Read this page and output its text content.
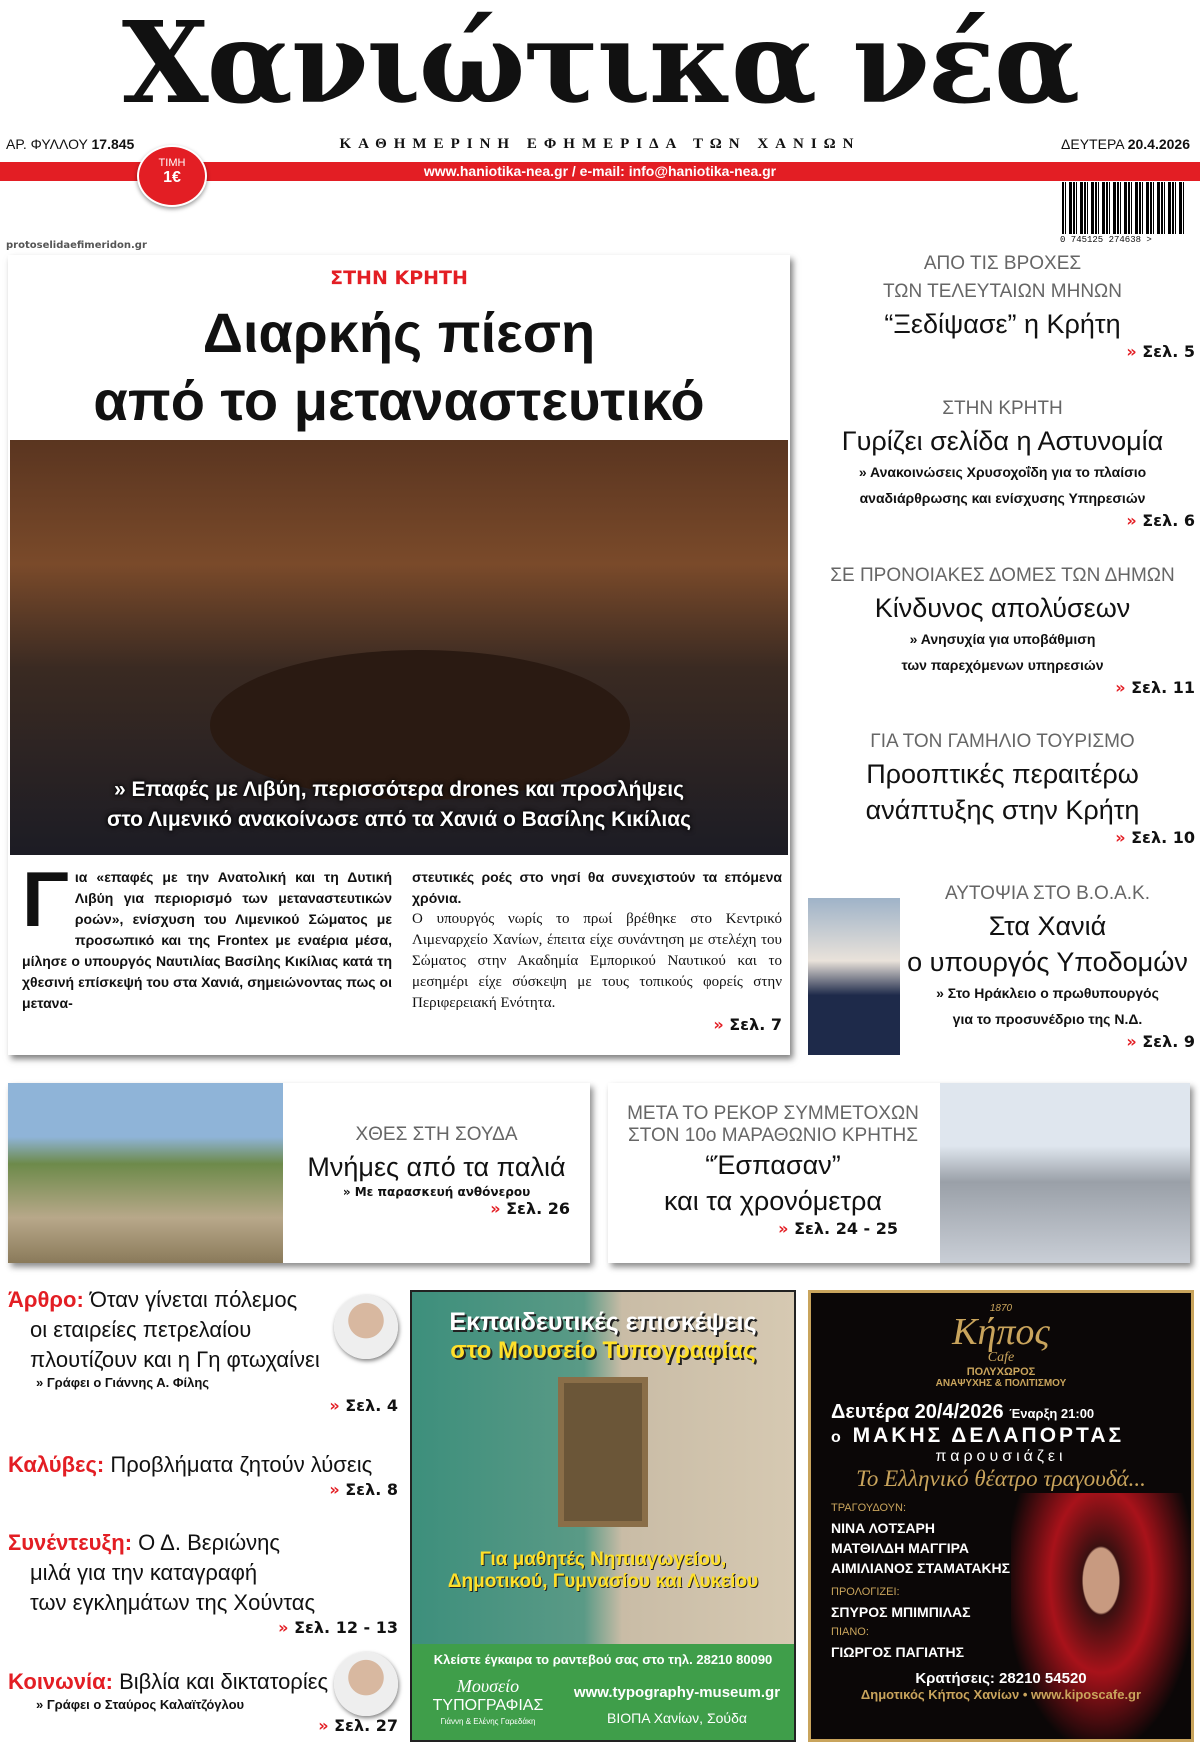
Χανιώτικα νέα
ΑΡ. ΦΥΛΛΟΥ 17.845	ΚΑΘΗΜΕΡΙΝΗ ΕΦΗΜΕΡΙΔΑ ΤΩΝ ΧΑΝΙΩΝ	ΔΕΥΤΕΡΑ 20.4.2026
www.haniotika-nea.gr / e-mail: info@haniotika-nea.gr
ΤΙΜΗ
1€
0 745125 274638 >
protoselidaefimeridon.gr
ΣΤΗΝ ΚΡΗΤΗ
Διαρκής πίεση
από το μεταναστευτικό
» Επαφές με Λιβύη, περισσότερα drones και προσλήψεις
στο Λιμενικό ανακοίνωσε από τα Χανιά ο Βασίλης Κικίλιας
Για «επαφές με την Ανατολική και τη Δυτική Λιβύη για περιορισμό των μεταναστευτικών ροών», ενίσχυση του Λιμενικού Σώματος με προσωπικό και της Frontex με εναέρια μέσα, μίλησε ο υπουργός Ναυτιλίας Βασίλης Κικίλιας κατά τη χθεσινή επίσκεψή του στα Χανιά, σημειώνοντας πως οι μετανα-
στευτικές ροές στο νησί θα συνεχιστούν τα επόμενα χρόνια.
Ο υπουργός νωρίς το πρωί βρέθηκε στο Κεντρικό Λιμεναρχείο Χανίων, έπειτα είχε συνάντηση με στελέχη του Σώματος στην Ακαδημία Εμπορικού Ναυτικού και το μεσημέρι είχε σύσκεψη με τους τοπικούς φορείς στην Περιφερειακή Ενότητα.
» Σελ. 7
ΑΠΟ ΤΙΣ ΒΡΟΧΕΣ
ΤΩΝ ΤΕΛΕΥΤΑΙΩΝ ΜΗΝΩΝ
“Ξεδίψασε” η Κρήτη
» Σελ. 5
ΣΤΗΝ ΚΡΗΤΗ
Γυρίζει σελίδα η Αστυνομία
» Ανακοινώσεις Χρυσοχοΐδη για το πλαίσιο
αναδιάρθρωσης και ενίσχυσης Υπηρεσιών
» Σελ. 6
ΣΕ ΠΡΟΝΟΙΑΚΕΣ ΔΟΜΕΣ ΤΩΝ ΔΗΜΩΝ
Κίνδυνος απολύσεων
» Ανησυχία για υποβάθμιση
των παρεχόμενων υπηρεσιών
» Σελ. 11
ΓΙΑ ΤΟΝ ΓΑΜΗΛΙΟ ΤΟΥΡΙΣΜΟ
Προοπτικές περαιτέρω
ανάπτυξης στην Κρήτη
» Σελ. 10
ΑΥΤΟΨΙΑ ΣΤΟ Β.Ο.Α.Κ.
Στα Χανιά
ο υπουργός Υποδομών
» Στο Ηράκλειο ο πρωθυπουργός
για το προσυνέδριο της Ν.Δ.
» Σελ. 9
ΧΘΕΣ ΣΤΗ ΣΟΥΔΑ
Μνήμες από τα παλιά
» Με παρασκευή ανθόνερου
» Σελ. 26
ΜΕΤΑ ΤΟ ΡΕΚΟΡ ΣΥΜΜΕΤΟΧΩΝ
ΣΤΟΝ 10ο ΜΑΡΑΘΩΝΙΟ ΚΡΗΤΗΣ
“Έσπασαν”
και τα χρονόμετρα
» Σελ. 24 - 25
Άρθρο: Όταν γίνεται πόλεμος
οι εταιρείες πετρελαίου
πλουτίζουν και η Γη φτωχαίνει
» Γράφει ο Γιάννης Α. Φίλης
» Σελ. 4
Καλύβες: Προβλήματα ζητούν λύσεις
» Σελ. 8
Συνέντευξη: Ο Δ. Βεριώνης
μιλά για την καταγραφή
των εγκλημάτων της Χούντας
» Σελ. 12 - 13
Κοινωνία: Βιβλία και δικτατορίες
» Γράφει ο Σταύρος Καλαϊτζόγλου
» Σελ. 27
Εκπαιδευτικές επισκέψεις
στο Μουσείο Τυπογραφίας
Για μαθητές Νηπιαγωγείου,
Δημοτικού, Γυμνασίου και Λυκείου
Κλείστε έγκαιρα το ραντεβού σας στο τηλ. 28210 80090
Μουσείο
ΤΥΠΟΓΡΑΦΙΑΣ
Γιάννη & Ελένης Γαρεδάκη
www.typography-museum.gr
ΒΙΟΠΑ Χανίων, Σούδα
1870
Κήπος
Cafe
ΠΟΛΥΧΩΡΟΣ
ΑΝΑΨΥΧΗΣ & ΠΟΛΙΤΙΣΜΟΥ
Δευτέρα 20/4/2026 Έναρξη 21:00
ο ΜΑΚΗΣ ΔΕΛΑΠΟΡΤΑΣ
παρουσιάζει
Το Ελληνικό θέατρο τραγουδά...
ΤΡΑΓΟΥΔΟΥΝ:
ΝΙΝΑ ΛΟΤΣΑΡΗ
ΜΑΤΘΙΛΔΗ ΜΑΓΓΙΡΑ
ΑΙΜΙΛΙΑΝΟΣ ΣΤΑΜΑΤΑΚΗΣ
ΠΡΟΛΟΓΙΖΕΙ:
ΣΠΥΡΟΣ ΜΠΙΜΠΙΛΑΣ
ΠΙΑΝΟ:
ΓΙΩΡΓΟΣ ΠΑΓΙΑΤΗΣ
Κρατήσεις: 28210 54520
Δημοτικός Κήπος Χανίων • www.kiposcafe.gr
